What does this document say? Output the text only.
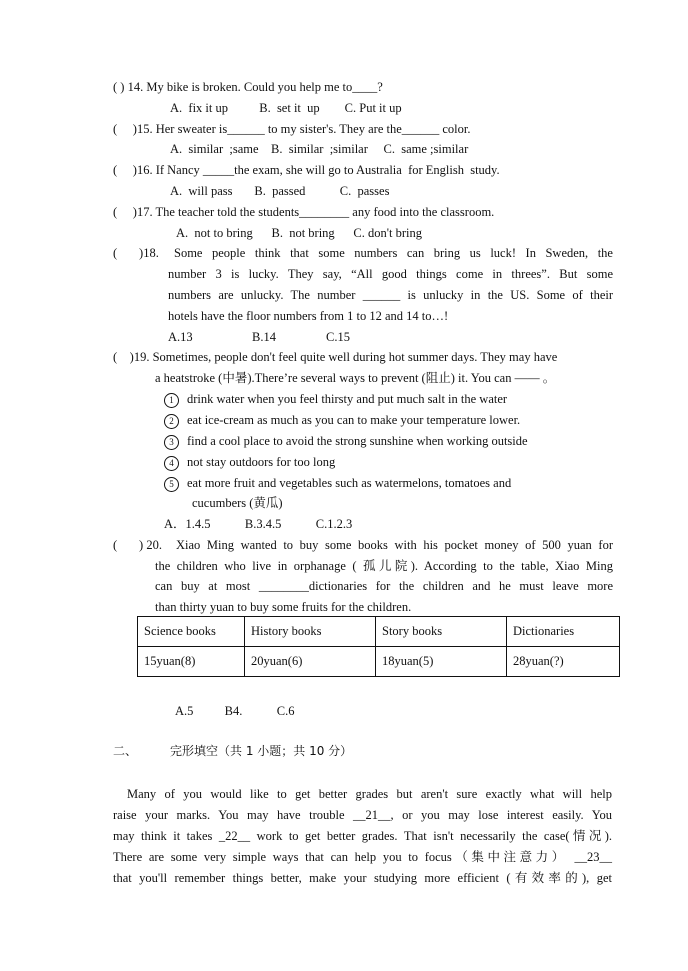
( ) 14. My bike is broken. Could you help me to____?
A.  fix it up          B.  set it  up        C. Put it up
(     )15. Her sweater is______ to my sister's. They are the______ color.
A.  similar  ;same    B.  similar  ;similar     C.  same ;similar
(     )16. If Nancy _____the exam, she will go to Australia  for English  study.
A.  will pass       B.  passed           C.  passes
(     )17. The teacher told the students________ any food into the classroom.
A.  not to bring      B.  not bring      C. don't bring
(       )18. Some people think that some numbers can bring us luck! In Sweden, the
number 3 is lucky. They say, “All good things come in threes”. But some
numbers are unlucky. The number ______ is unlucky in the US. Some of their
hotels have the floor numbers from 1 to 12 and 14 to…!
A.13                   B.14                C.15
(    )19. Sometimes, people don't feel quite well during hot summer days. They may have
a heatstroke (中暑).There’re several ways to prevent (阻止) it. You can —— 。
1 drink water when you feel thirsty and put much salt in the water
2 eat ice-cream as much as you can to make your temperature lower.
3 find a cool place to avoid the strong sunshine when working outside
4 not stay outdoors for too long
5 eat more fruit and vegetables such as watermelons, tomatoes and
cucumbers (黄瓜)
A．1.4.5           B.3.4.5           C.1.2.3
(       ) 20. Xiao Ming wanted to buy some books with his pocket money of 500 yuan for
the children who live in orphanage ( 孤儿院). According to the table, Xiao Ming
can buy at most ________dictionaries for the children and he must leave more
than thirty yuan to buy some fruits for the children.
Science books	History books	Story books	Dictionaries
15yuan(8)	20yuan(6)	18yuan(5)	28yuan(?)
A.5          B4.           C.6
二、	完形填空（共 1 小题；共 10 分）
Many of you would like to get better grades but aren't sure exactly what will help
raise your marks. You may have trouble __21__, or you may lose interest easily. You
may think it takes _22__ work to get better grades. That isn't necessarily the case(情况).
There are some very simple ways that can help you to focus（集中注意力） __23__
that you'll remember things better, make your studying more efficient (有效率的), get
